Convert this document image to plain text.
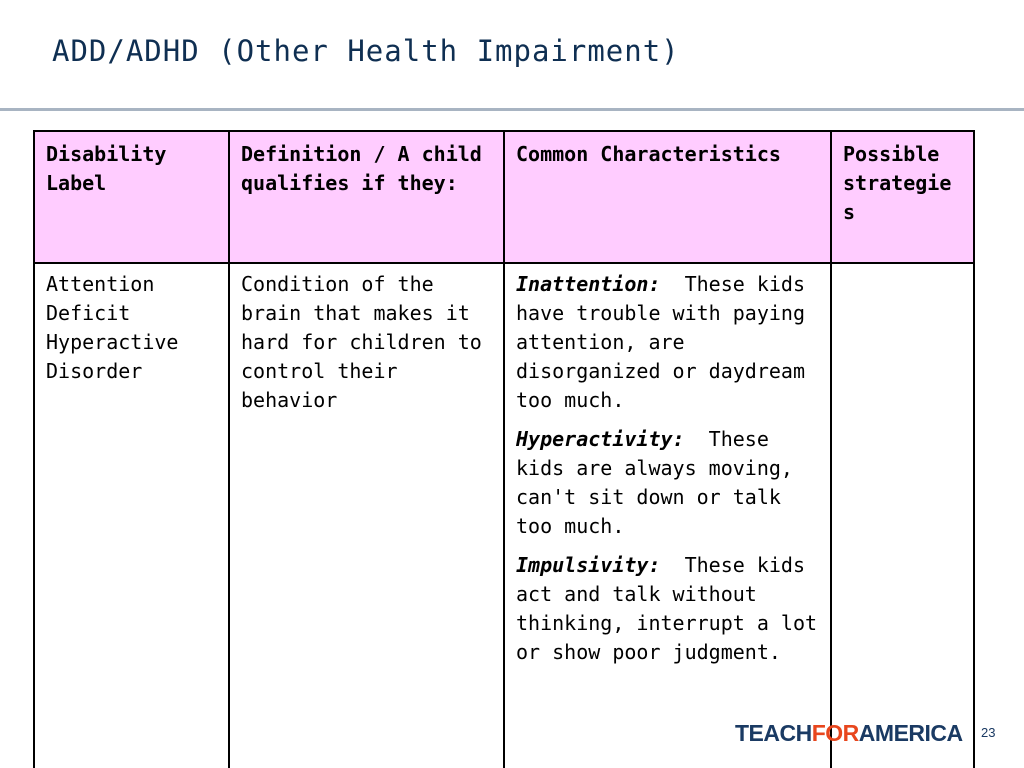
ADD/ADHD (Other Health Impairment)
Disability Label	Definition / A child qualifies if they:	Common Characteristics	Possible strategies
Attention Deficit Hyperactive Disorder	Condition of the brain that makes it hard for children to control their behavior	Inattention: These kids have trouble with paying attention, are disorganized or daydream too much.

Hyperactivity: These kids are always moving, can't sit down or talk too much.

Impulsivity: These kids act and talk without thinking, interrupt a lot or show poor judgment.	

TEACHFORAMERICA 23
